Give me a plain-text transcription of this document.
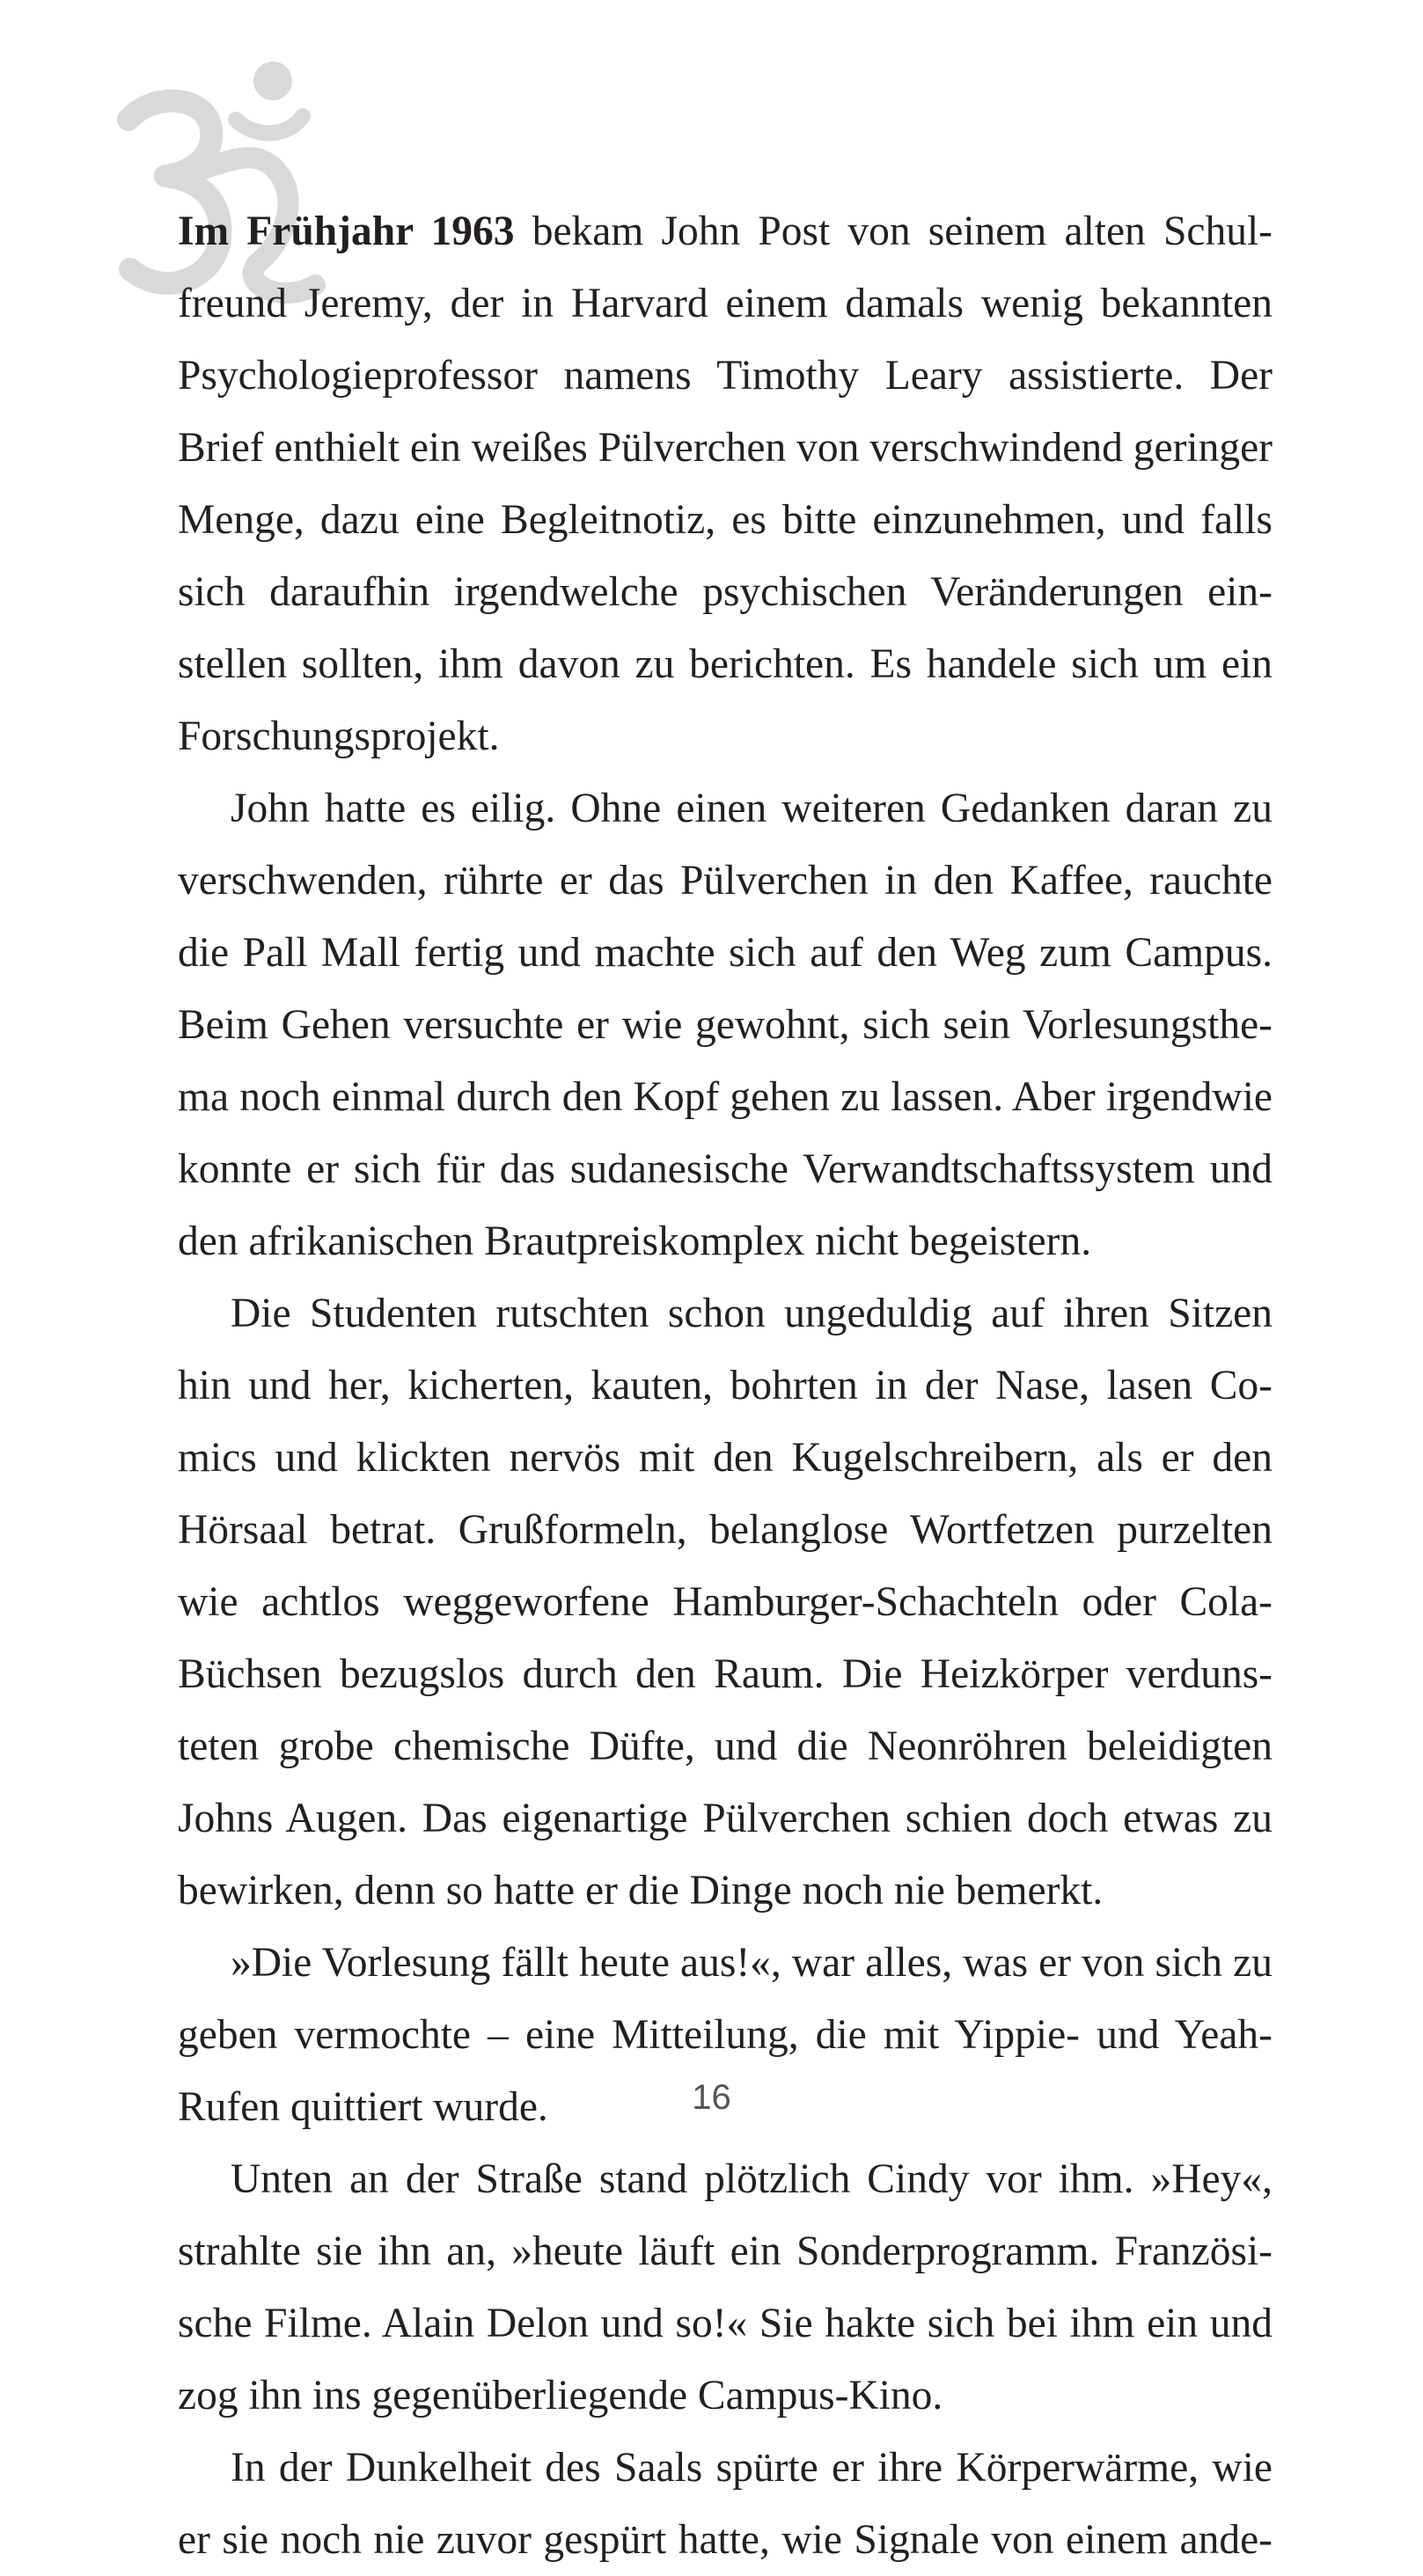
Im Frühjahr 1963 bekam John Post von seinem alten Schul-
freund Jeremy, der in Harvard einem damals wenig bekannten
Psychologieprofessor namens Timothy Leary assistierte. Der
Brief enthielt ein weißes Pülverchen von verschwindend geringer
Menge, dazu eine Begleitnotiz, es bitte einzunehmen, und falls
sich daraufhin irgendwelche psychischen Veränderungen ein-
stellen sollten, ihm davon zu berichten. Es handele sich um ein
Forschungsprojekt.
John hatte es eilig. Ohne einen weiteren Gedanken daran zu
verschwenden, rührte er das Pülverchen in den Kaffee, rauchte
die Pall Mall fertig und machte sich auf den Weg zum Campus.
Beim Gehen versuchte er wie gewohnt, sich sein Vorlesungsthe-
ma noch einmal durch den Kopf gehen zu lassen. Aber irgendwie
konnte er sich für das sudanesische Verwandtschaftssystem und
den afrikanischen Brautpreiskomplex nicht begeistern.
Die Studenten rutschten schon ungeduldig auf ihren Sitzen
hin und her, kicherten, kauten, bohrten in der Nase, lasen Co-
mics und klickten nervös mit den Kugelschreibern, als er den
Hörsaal betrat. Grußformeln, belanglose Wortfetzen purzelten
wie achtlos weggeworfene Hamburger-Schachteln oder Cola-
Büchsen bezugslos durch den Raum. Die Heizkörper verduns-
teten grobe chemische Düfte, und die Neonröhren beleidigten
Johns Augen. Das eigenartige Pülverchen schien doch etwas zu
bewirken, denn so hatte er die Dinge noch nie bemerkt.
»Die Vorlesung fällt heute aus!«, war alles, was er von sich zu
geben vermochte – eine Mitteilung, die mit Yippie- und Yeah-
Rufen quittiert wurde.
Unten an der Straße stand plötzlich Cindy vor ihm. »Hey«,
strahlte sie ihn an, »heute läuft ein Sonderprogramm. Französi-
sche Filme. Alain Delon und so!« Sie hakte sich bei ihm ein und
zog ihn ins gegenüberliegende Campus-Kino.
In der Dunkelheit des Saals spürte er ihre Körperwärme, wie
er sie noch nie zuvor gespürt hatte, wie Signale von einem ande-
16
